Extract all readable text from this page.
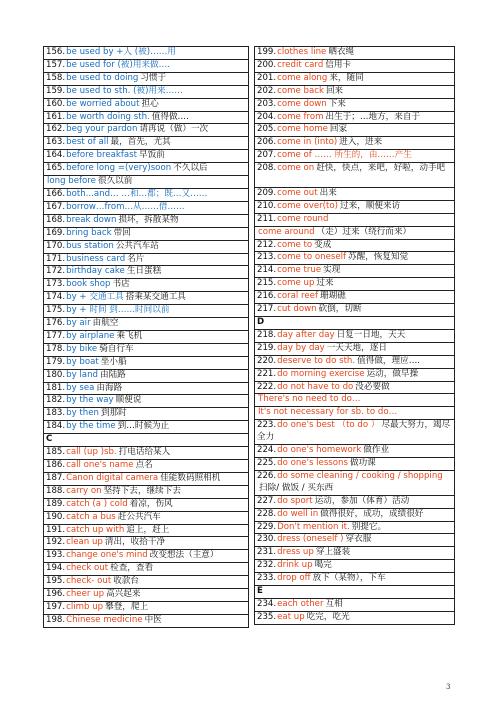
156.be used by +人 (被)……用
157.be used for (被)用来做….
158.be used to doing 习惯于
159.be used to sth. (被)用来……
160.be worried about 担心
161.be worth doing sth. 值得做….
162.beg your pardon 请再说（做）一次
163.best of all 最，首先，尤其
164.before breakfast 早饭前
165.before long =(very)soon 不久以后
long before 很久以前
166.both...and… …和…都；既…又……
167.borrow…from…从……借……
168.break down 损坏，拆散某物
169.bring back 带回
170.bus station 公共汽车站
171.business card 名片
172.birthday cake 生日蛋糕
173.book shop 书店
174.by + 交通工具 搭乘某交通工具
175.by + 时间 到……时间以前
176.by air 由航空
177.by airplane 乘飞机
178.by bike 骑自行车
179.by boat 坐小船
180.by land 由陆路
181.by sea 由海路
182.by the way 顺便说
183.by then 到那时
184.by the time 到…时候为止
C
185.call (up )sb. 打电话给某人
186.call one's name 点名
187.Canon digital camera 佳能数码照相机
188.carry on 坚持下去，继续下去
189.catch (a ) cold 着凉，伤风
190.catch a bus 赶公共汽车
191.catch up with 追上，赶上
192.clean up 清出，收拾干净
193.change one's mind 改变想法（主意）
194.check out 检查，查看
195.check- out 收款台
196.cheer up 高兴起来
197.climb up 攀登，爬上
198.Chinese medicine 中医
199.clothes line 晒衣绳
200.credit card 信用卡
201.come along 来，随同
202.come back 回来
203.come down 下来
204.come from 出生于；…地方，来自于
205.come home 回家
206.come in (into) 进入，进来
207.come of …… 所生的，由……产生
208.come on 赶快，快点，来吧，好啦，动手吧
209.come out 出来
210.come over(to) 过来，顺便来访
211.come round
come around （走）过来（绕行而来）
212.come to 变成
213.come to oneself 苏醒，恢复知觉
214.come true 实现
215.come up 过来
216.coral reef 珊瑚礁
217.cut down 砍倒，切断
D
218.day after day 日复一日地，天天
219.day by day 一天天地，逐日
220.deserve to do sth. 值得做，理应….
221.do morning exercise 运动，做早操
222.do not have to do 没必要做
There's no need to do…
It's not necessary for sb. to do…
223.do one's best （to do ） 尽最大努力，竭尽全力
224.do one's homework 做作业
225.do one's lessons 做功课
226.do some cleaning / cooking / shopping扫除/ 做饭 / 买东西
227.do sport 运动，参加（体育）活动
228.do well in 做得很好，成功，成绩很好
229.Don't mention it. 别提它。
230.dress (oneself ) 穿衣服
231.dress up 穿上盛装
232.drink up 喝完
233.drop off 放下（某物），下车
E
234.each other 互相
235.eat up 吃完，吃光
3
